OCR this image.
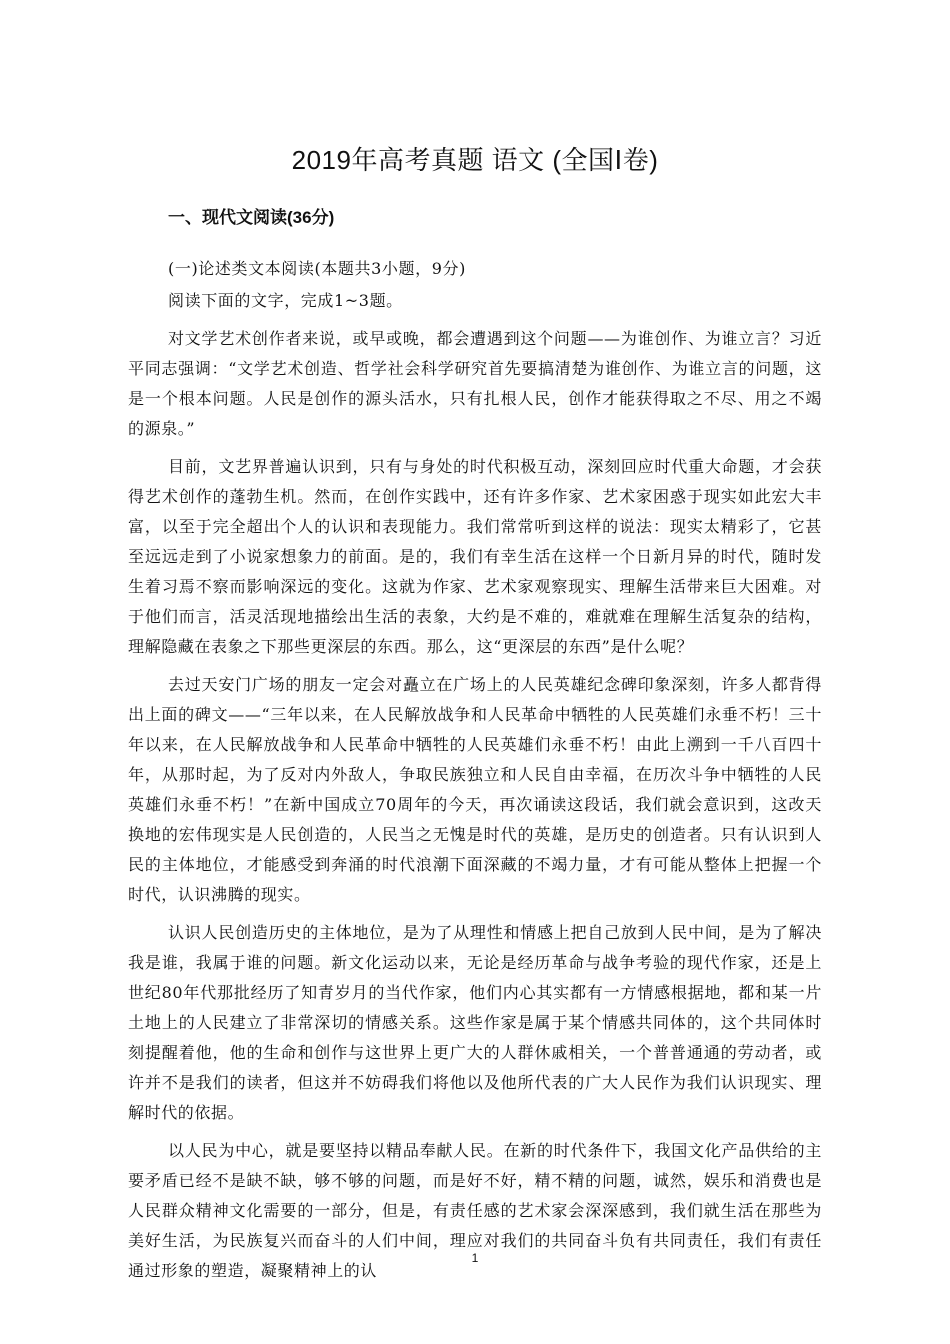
2019年高考真题 语文 (全国Ⅰ卷)
一、现代文阅读(36分)

(一)论述类文本阅读(本题共3小题，9分)

阅读下面的文字，完成1~3题。

对文学艺术创作者来说，或早或晚，都会遭遇到这个问题——为谁创作、为谁立言？习近平同志强调：“文学艺术创造、哲学社会科学研究首先要搞清楚为谁创作、为谁立言的问题，这是一个根本问题。人民是创作的源头活水，只有扎根人民，创作才能获得取之不尽、用之不竭的源泉。”

目前，文艺界普遍认识到，只有与身处的时代积极互动，深刻回应时代重大命题，才会获得艺术创作的蓬勃生机。然而，在创作实践中，还有许多作家、艺术家困惑于现实如此宏大丰富，以至于完全超出个人的认识和表现能力。我们常常听到这样的说法：现实太精彩了，它甚至远远走到了小说家想象力的前面。是的，我们有幸生活在这样一个日新月异的时代，随时发生着习焉不察而影响深远的变化。这就为作家、艺术家观察现实、理解生活带来巨大困难。对于他们而言，活灵活现地描绘出生活的表象，大约是不难的，难就难在理解生活复杂的结构，理解隐藏在表象之下那些更深层的东西。那么，这“更深层的东西”是什么呢？

去过天安门广场的朋友一定会对矗立在广场上的人民英雄纪念碑印象深刻，许多人都背得出上面的碑文——“三年以来，在人民解放战争和人民革命中牺牲的人民英雄们永垂不朽！三十年以来，在人民解放战争和人民革命中牺牲的人民英雄们永垂不朽！由此上溯到一千八百四十年，从那时起，为了反对内外敌人，争取民族独立和人民自由幸福，在历次斗争中牺牲的人民英雄们永垂不朽！”在新中国成立70周年的今天，再次诵读这段话，我们就会意识到，这改天换地的宏伟现实是人民创造的，人民当之无愧是时代的英雄，是历史的创造者。只有认识到人民的主体地位，才能感受到奔涌的时代浪潮下面深藏的不竭力量，才有可能从整体上把握一个时代，认识沸腾的现实。

认识人民创造历史的主体地位，是为了从理性和情感上把自己放到人民中间，是为了解决我是谁，我属于谁的问题。新文化运动以来，无论是经历革命与战争考验的现代作家，还是上世纪80年代那批经历了知青岁月的当代作家，他们内心其实都有一方情感根据地，都和某一片土地上的人民建立了非常深切的情感关系。这些作家是属于某个情感共同体的，这个共同体时刻提醒着他，他的生命和创作与这世界上更广大的人群休戚相关，一个普普通通的劳动者，或许并不是我们的读者，但这并不妨碍我们将他以及他所代表的广大人民作为我们认识现实、理解时代的依据。

以人民为中心，就是要坚持以精品奉献人民。在新的时代条件下，我国文化产品供给的主要矛盾已经不是缺不缺，够不够的问题，而是好不好，精不精的问题，诚然，娱乐和消费也是人民群众精神文化需要的一部分，但是，有责任感的艺术家会深深感到，我们就生活在那些为美好生活，为民族复兴而奋斗的人们中间，理应对我们的共同奋斗负有共同责任，我们有责任通过形象的塑造，凝聚精神上的认

1
